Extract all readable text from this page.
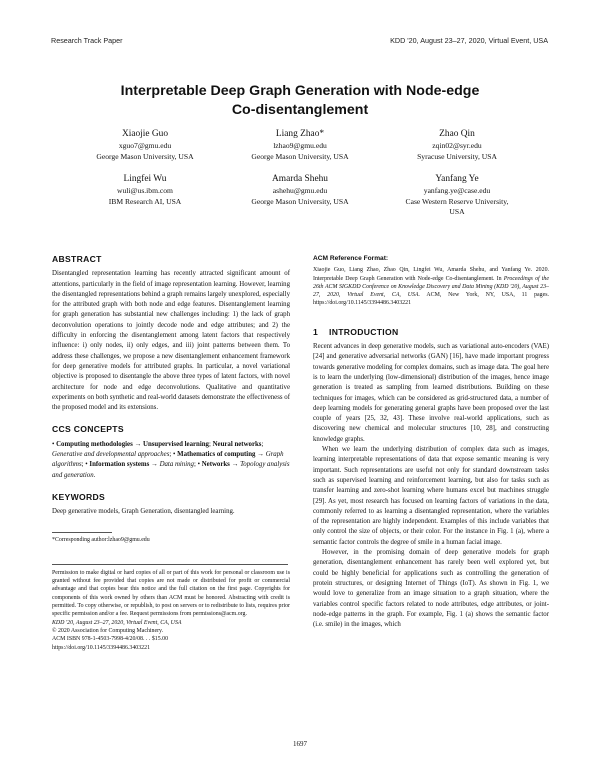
Research Track Paper	KDD '20, August 23–27, 2020, Virtual Event, USA
Interpretable Deep Graph Generation with Node-edge
Co-disentanglement
Xiaojie Guo
xguo7@gmu.edu
George Mason University, USA
Liang Zhao*
lzhao9@gmu.edu
George Mason University, USA
Zhao Qin
zqin02@syr.edu
Syracuse University, USA
Lingfei Wu
wuli@us.ibm.com
IBM Research AI, USA
Amarda Shehu
ashehu@gmu.edu
George Mason University, USA
Yanfang Ye
yanfang.ye@case.edu
Case Western Reserve University,
USA
ABSTRACT

Disentangled representation learning has recently attracted significant amount of attentions, particularly in the field of image representation learning. However, learning the disentangled representations behind a graph remains largely unexplored, especially for the attributed graph with both node and edge features. Disentanglement learning for graph generation has substantial new challenges including: 1) the lack of graph deconvolution operations to jointly decode node and edge attributes; and 2) the difficulty in enforcing the disentanglement among latent factors that respectively influence: i) only nodes, ii) only edges, and iii) joint patterns between them. To address these challenges, we propose a new disentanglement enhancement framework for deep generative models for attributed graphs. In particular, a novel variational objective is proposed to disentangle the above three types of latent factors, with novel architecture for node and edge deconvolutions. Qualitative and quantitative experiments on both synthetic and real-world datasets demonstrate the effectiveness of the proposed model and its extensions.

CCS CONCEPTS

• Computing methodologies → Unsupervised learning; Neural networks; Generative and developmental approaches; • Mathematics of computing → Graph algorithms; • Information systems → Data mining; • Networks → Topology analysis and generation.

KEYWORDS

Deep generative models, Graph Generation, disentangled learning.

*Corresponding author:lzhao9@gmu.edu

Permission to make digital or hard copies of all or part of this work for personal or classroom use is granted without fee provided that copies are not made or distributed for profit or commercial advantage and that copies bear this notice and the full citation on the first page. Copyrights for components of this work owned by others than ACM must be honored. Abstracting with credit is permitted. To copy otherwise, or republish, to post on servers or to redistribute to lists, requires prior specific permission and/or a fee. Request permissions from permissions@acm.org.

KDD '20, August 23–27, 2020, Virtual Event, CA, USA

© 2020 Association for Computing Machinery.

ACM ISBN 978-1-4503-7998-4/20/08. . . $15.00

https://doi.org/10.1145/3394486.3403221

ACM Reference Format:

Xiaojie Guo, Liang Zhao, Zhao Qin, Lingfei Wu, Amarda Shehu, and Yanfang Ye. 2020. Interpretable Deep Graph Generation with Node-edge Co-disentanglement. In Proceedings of the 26th ACM SIGKDD Conference on Knowledge Discovery and Data Mining (KDD '20), August 23–27, 2020, Virtual Event, CA, USA. ACM, New York, NY, USA, 11 pages. https://doi.org/10.1145/3394486.3403221

1 INTRODUCTION

Recent advances in deep generative models, such as variational auto-encoders (VAE) [24] and generative adversarial networks (GAN) [16], have made important progress towards generative modeling for complex domains, such as image data. The goal here is to learn the underlying (low-dimensional) distribution of the images, hence image generation is treated as sampling from learned distributions. Building on these techniques for images, which can be considered as grid-structured data, a number of deep learning models for generating general graphs have been proposed over the last couple of years [25, 32, 43]. These involve real-world applications, such as discovering new chemical and molecular structures [10, 28], and constructing knowledge graphs.

When we learn the underlying distribution of complex data such as images, learning interpretable representations of data that expose semantic meaning is very important. Such representations are useful not only for standard downstream tasks such as supervised learning and reinforcement learning, but also for tasks such as transfer learning and zero-shot learning where humans excel but machines struggle [29]. As yet, most research has focused on learning factors of variations in the data, commonly referred to as learning a disentangled representation, where the variables of the representation are highly independent. Examples of this include variables that only control the size of objects, or their color. For the instance in Fig. 1 (a), where a semantic factor controls the degree of smile in a human facial image.

However, in the promising domain of deep generative models for graph generation, disentanglement enhancement has rarely been well explored yet, but could be highly beneficial for applications such as controlling the generation of protein structures, or designing Internet of Things (IoT). As shown in Fig. 1, we would love to generalize from an image situation to a graph situation, where the variables control specific factors related to node attributes, edge attributes, or joint-node-edge patterns in the graph. For example, Fig. 1 (a) shows the semantic factor (i.e. smile) in the images, which

1697
